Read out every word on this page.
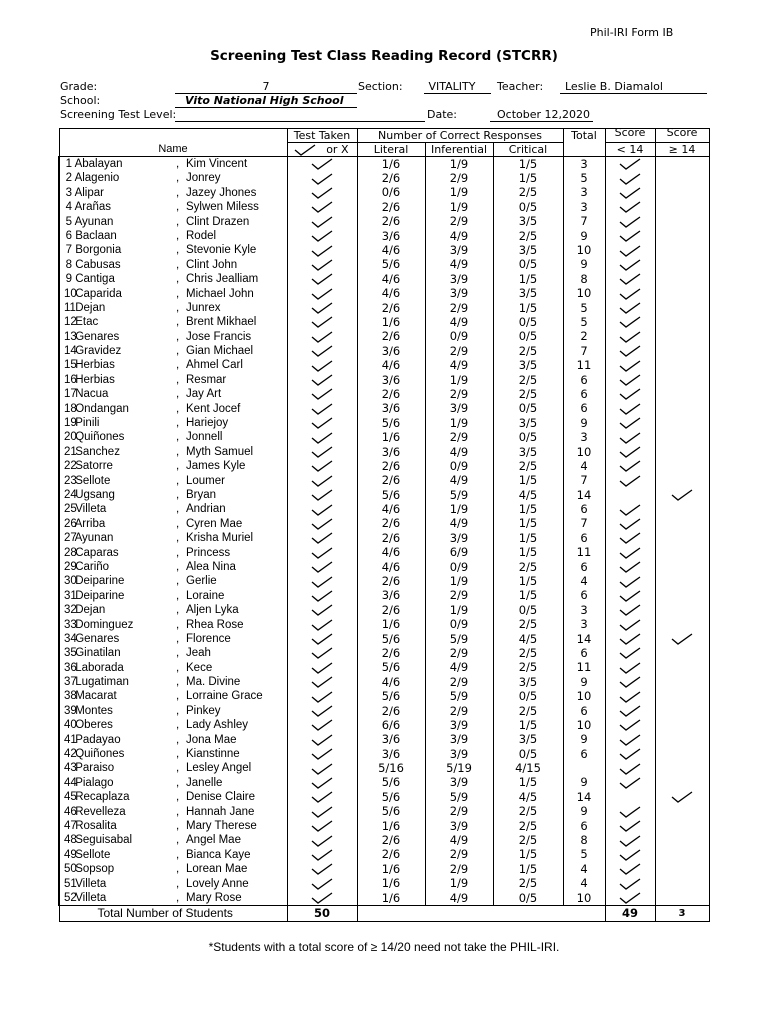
Phil-IRI Form IB
Screening Test Class Reading Record (STCRR)
Grade:	7	Section:	VITALITY	Teacher: Leslie B. Diamalol
School:	Vito National High School
Screening Test Level:	Date:	October 12,2020
Name	Test Taken	Number of Correct Responses			Total	Score	Score

or X	Literal	Inferential	Critical		< 14	≥ 14

1 Abalayan , Kim Vincent		1/6	1/9	1/5	3	

2 Alagenio , Jonrey		2/6	2/9	1/5	5	

3 Alipar , Jazey Jhones		0/6	1/9	2/5	3	

4 Arañas , Sylwen Miless		2/6	1/9	0/5	3	

5 Ayunan , Clint Drazen		2/6	2/9	3/5	7	

6 Baclaan , Rodel		3/6	4/9	2/5	9	

7 Borgonia , Stevonie Kyle		4/6	3/9	3/5	10	

8 Cabusas , Clint John		5/6	4/9	0/5	9	

9 Cantiga , Chris Jealliam		4/6	3/9	1/5	8	

10 Caparida , Michael John		4/6	3/9	3/5	10	

11 Dejan , Junrex		2/6	2/9	1/5	5	

12 Etac , Brent Mikhael		1/6	4/9	0/5	5	

13 Genares , Jose Francis		2/6	0/9	0/5	2	

14 Gravidez , Gian Michael		3/6	2/9	2/5	7	

15 Herbias , Ahmel Carl		4/6	4/9	3/5	11	

16 Herbias , Resmar		3/6	1/9	2/5	6	

17 Nacua , Jay Art		2/6	2/9	2/5	6	

18 Ondangan , Kent Jocef		3/6	3/9	0/5	6	

19 Pinili , Hariejoy		5/6	1/9	3/5	9	

20 Quiñones , Jonnell		1/6	2/9	0/5	3	

21 Sanchez , Myth Samuel		3/6	4/9	3/5	10	

22 Satorre , James Kyle		2/6	0/9	2/5	4	

23 Sellote , Loumer		2/6	4/9	1/5	7	

24 Ugsang , Bryan		5/6	5/9	4/5	14		

25 Villeta , Andrian		4/6	1/9	1/5	6	

26 Arriba , Cyren Mae		2/6	4/9	1/5	7	

27 Ayunan , Krisha Muriel		2/6	3/9	1/5	6	

28 Caparas , Princess		4/6	6/9	1/5	11	

29 Cariño , Alea Nina		4/6	0/9	2/5	6	

30 Deiparine , Gerlie		2/6	1/9	1/5	4	

31 Deiparine , Loraine		3/6	2/9	1/5	6	

32 Dejan , Aljen Lyka		2/6	1/9	0/5	3	

33 Dominguez , Rhea Rose		1/6	0/9	2/5	3	

34 Genares , Florence		5/6	5/9	4/5	14	

35 Ginatilan , Jeah		2/6	2/9	2/5	6	

36 Laborada , Kece		5/6	4/9	2/5	11	

37 Lugatiman , Ma. Divine		4/6	2/9	3/5	9	

38 Macarat , Lorraine Grace		5/6	5/9	0/5	10	

39 Montes , Pinkey		2/6	2/9	2/5	6	

40 Oberes , Lady Ashley		6/6	3/9	1/5	10	

41 Padayao , Jona Mae		3/6	3/9	3/5	9	

42 Quiñones , Kianstinne		3/6	3/9	0/5	6	

43 Paraiso , Lesley Angel		5/16	5/19	4/15		

44 Pialago , Janelle		5/6	3/9	1/5	9	

45 Recaplaza , Denise Claire		5/6	5/9	4/5	14		

46 Revelleza , Hannah Jane		5/6	2/9	2/5	9	

47 Rosalita , Mary Therese		1/6	3/9	2/5	6	

48 Seguisabal , Angel Mae		2/6	4/9	2/5	8	

49 Sellote , Bianca Kaye		2/6	2/9	1/5	5	

50 Sopsop , Lorean Mae		1/6	2/9	1/5	4	

51 Villeta , Lovely Anne		1/6	1/9	2/5	4	

52 Villeta , Mary Rose		1/6	4/9	0/5	10	

Total Number of Students	50					49	3
*Students with a total score of ≥ 14/20 need not take the PHIL-IRI.
